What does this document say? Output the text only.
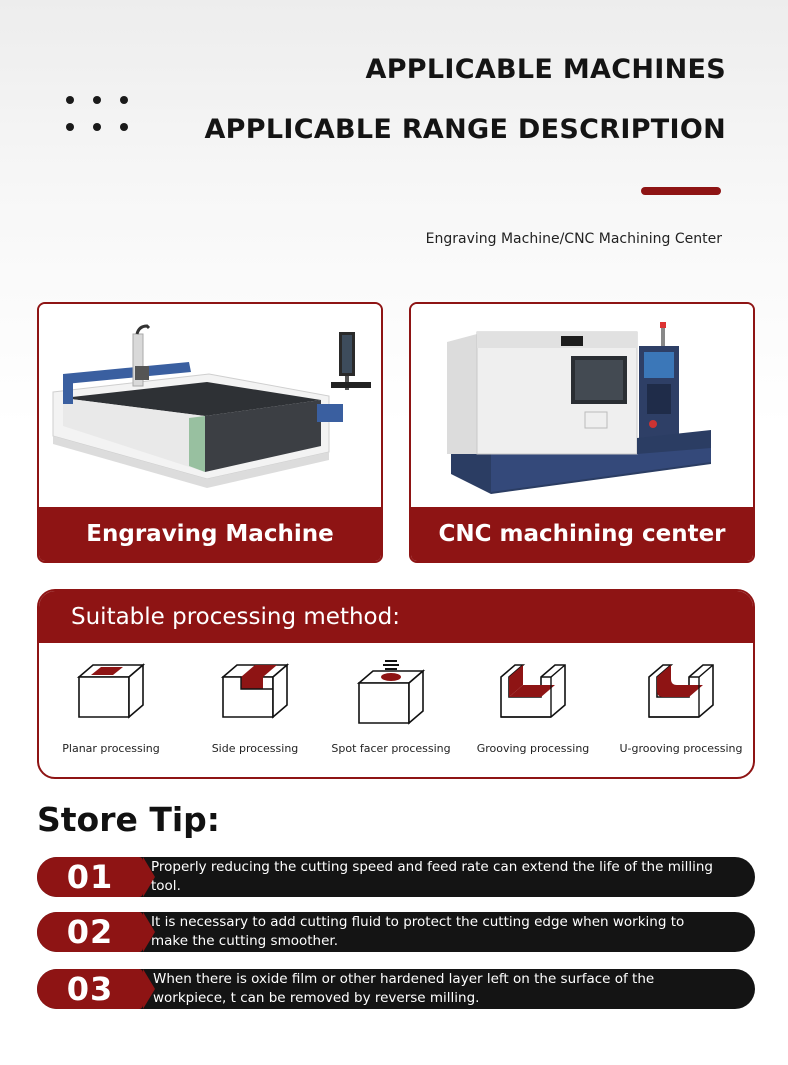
APPLICABLE MACHINES
APPLICABLE RANGE DESCRIPTION
Engraving Machine/CNC Machining Center
Engraving Machine	CNC machining center
Suitable processing method:
Planar processing	Side processing	Spot facer processing	Grooving processing	U-grooving processing
Store Tip:
01	Properly reducing the cutting speed and feed rate can extend the life of the milling tool.
02	It is necessary to add cutting fluid to protect the cutting edge when working to make the cutting smoother.
03	When there is oxide film or other hardened layer left on the surface of the workpiece, t can be removed by reverse milling.
